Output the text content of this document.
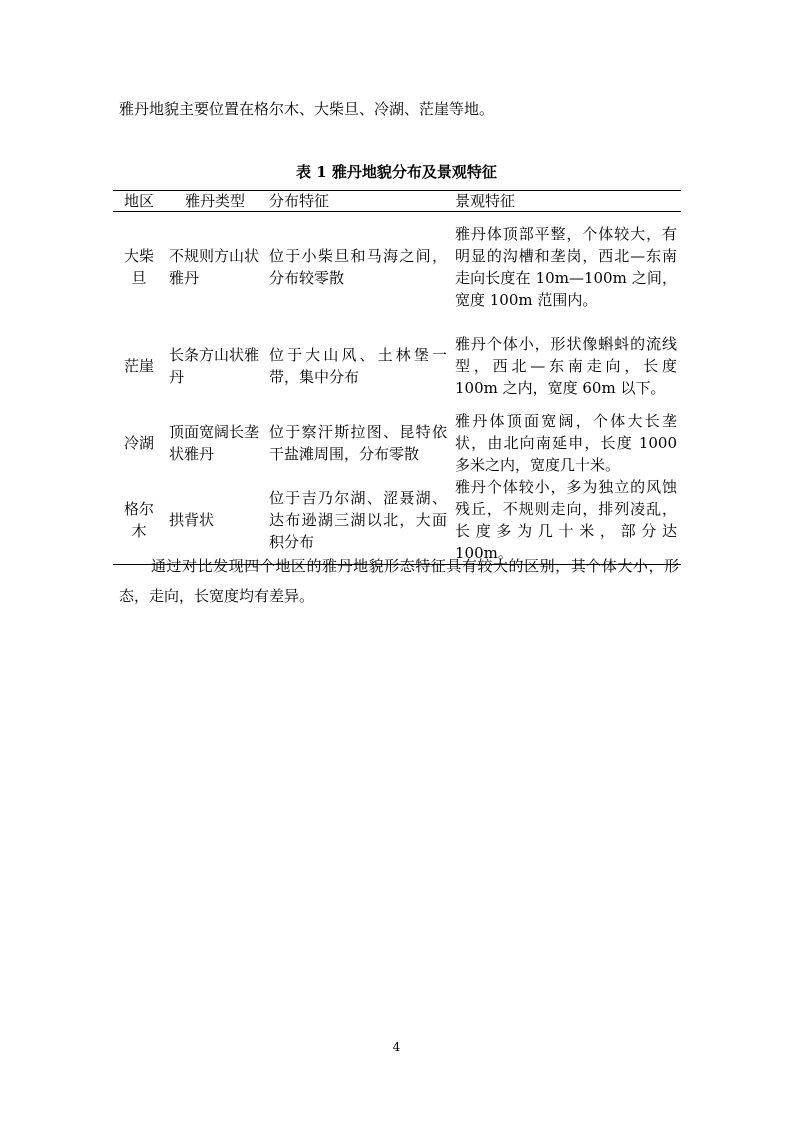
雅丹地貌主要位置在格尔木、大柴旦、冷湖、茫崖等地。

表 1 雅丹地貌分布及景观特征

地区	雅丹类型	分布特征	景观特征
大柴旦	不规则方山状雅丹	位于小柴旦和马海之间，分布较零散	雅丹体顶部平整，个体较大，有明显的沟槽和垄岗，西北—东南走向长度在 10m—100m 之间，宽度 100m 范围内。
茫崖	长条方山状雅丹	位于大山风、土林堡一带，集中分布	雅丹个体小，形状像蝌蚪的流线型，西北—东南走向，长度 100m 之内，宽度 60m 以下。
冷湖	顶面宽阔长垄状雅丹	位于察汗斯拉图、昆特依干盐滩周围，分布零散	雅丹体顶面宽阔，个体大长垄状，由北向南延申，长度 1000 多米之内，宽度几十米。
格尔木	拱背状	位于吉乃尔湖、涩聂湖、达布逊湖三湖以北，大面积分布	雅丹个体较小，多为独立的风蚀残丘，不规则走向，排列凌乱，长度多为几十米，部分达 100m。

通过对比发现四个地区的雅丹地貌形态特征具有较大的区别，其个体大小，形态，走向，长宽度均有差异。

4
